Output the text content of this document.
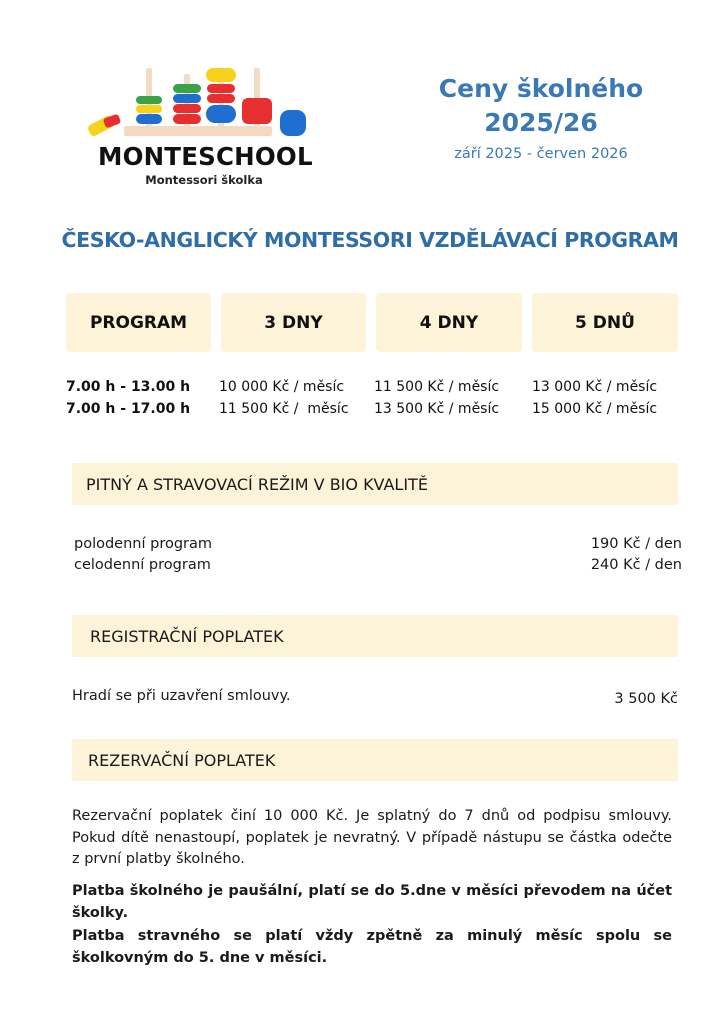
MONTESCHOOL
Montessori školka
Ceny školného
2025/26
září 2025 - červen 2026
ČESKO-ANGLICKÝ MONTESSORI VZDĚLÁVACÍ PROGRAM
PROGRAM	3 DNY	4 DNY	5 DNŮ
7.00 h - 13.00 h 10 000 Kč / měsíc 11 500 Kč / měsíc 13 000 Kč / měsíc
7.00 h - 17.00 h 11 500 Kč /  měsíc 13 500 Kč / měsíc 15 000 Kč / měsíc
PITNÝ A STRAVOVACÍ REŽIM V BIO KVALITĚ
polodenní program	190 Kč / den
celodenní program	240 Kč / den
REGISTRAČNÍ POPLATEK
Hradí se při uzavření smlouvy.	3 500 Kč
REZERVAČNÍ POPLATEK
Rezervační poplatek činí 10 000 Kč. Je splatný do 7 dnů od podpisu smlouvy. Pokud dítě nenastoupí, poplatek je nevratný. V případě nástupu se částka odečte z první platby školného.
Platba školného je paušální, platí se do 5.dne v měsíci převodem na účet školky.
Platba stravného se platí vždy zpětně za minulý měsíc spolu se školkovným do 5. dne v měsíci.
